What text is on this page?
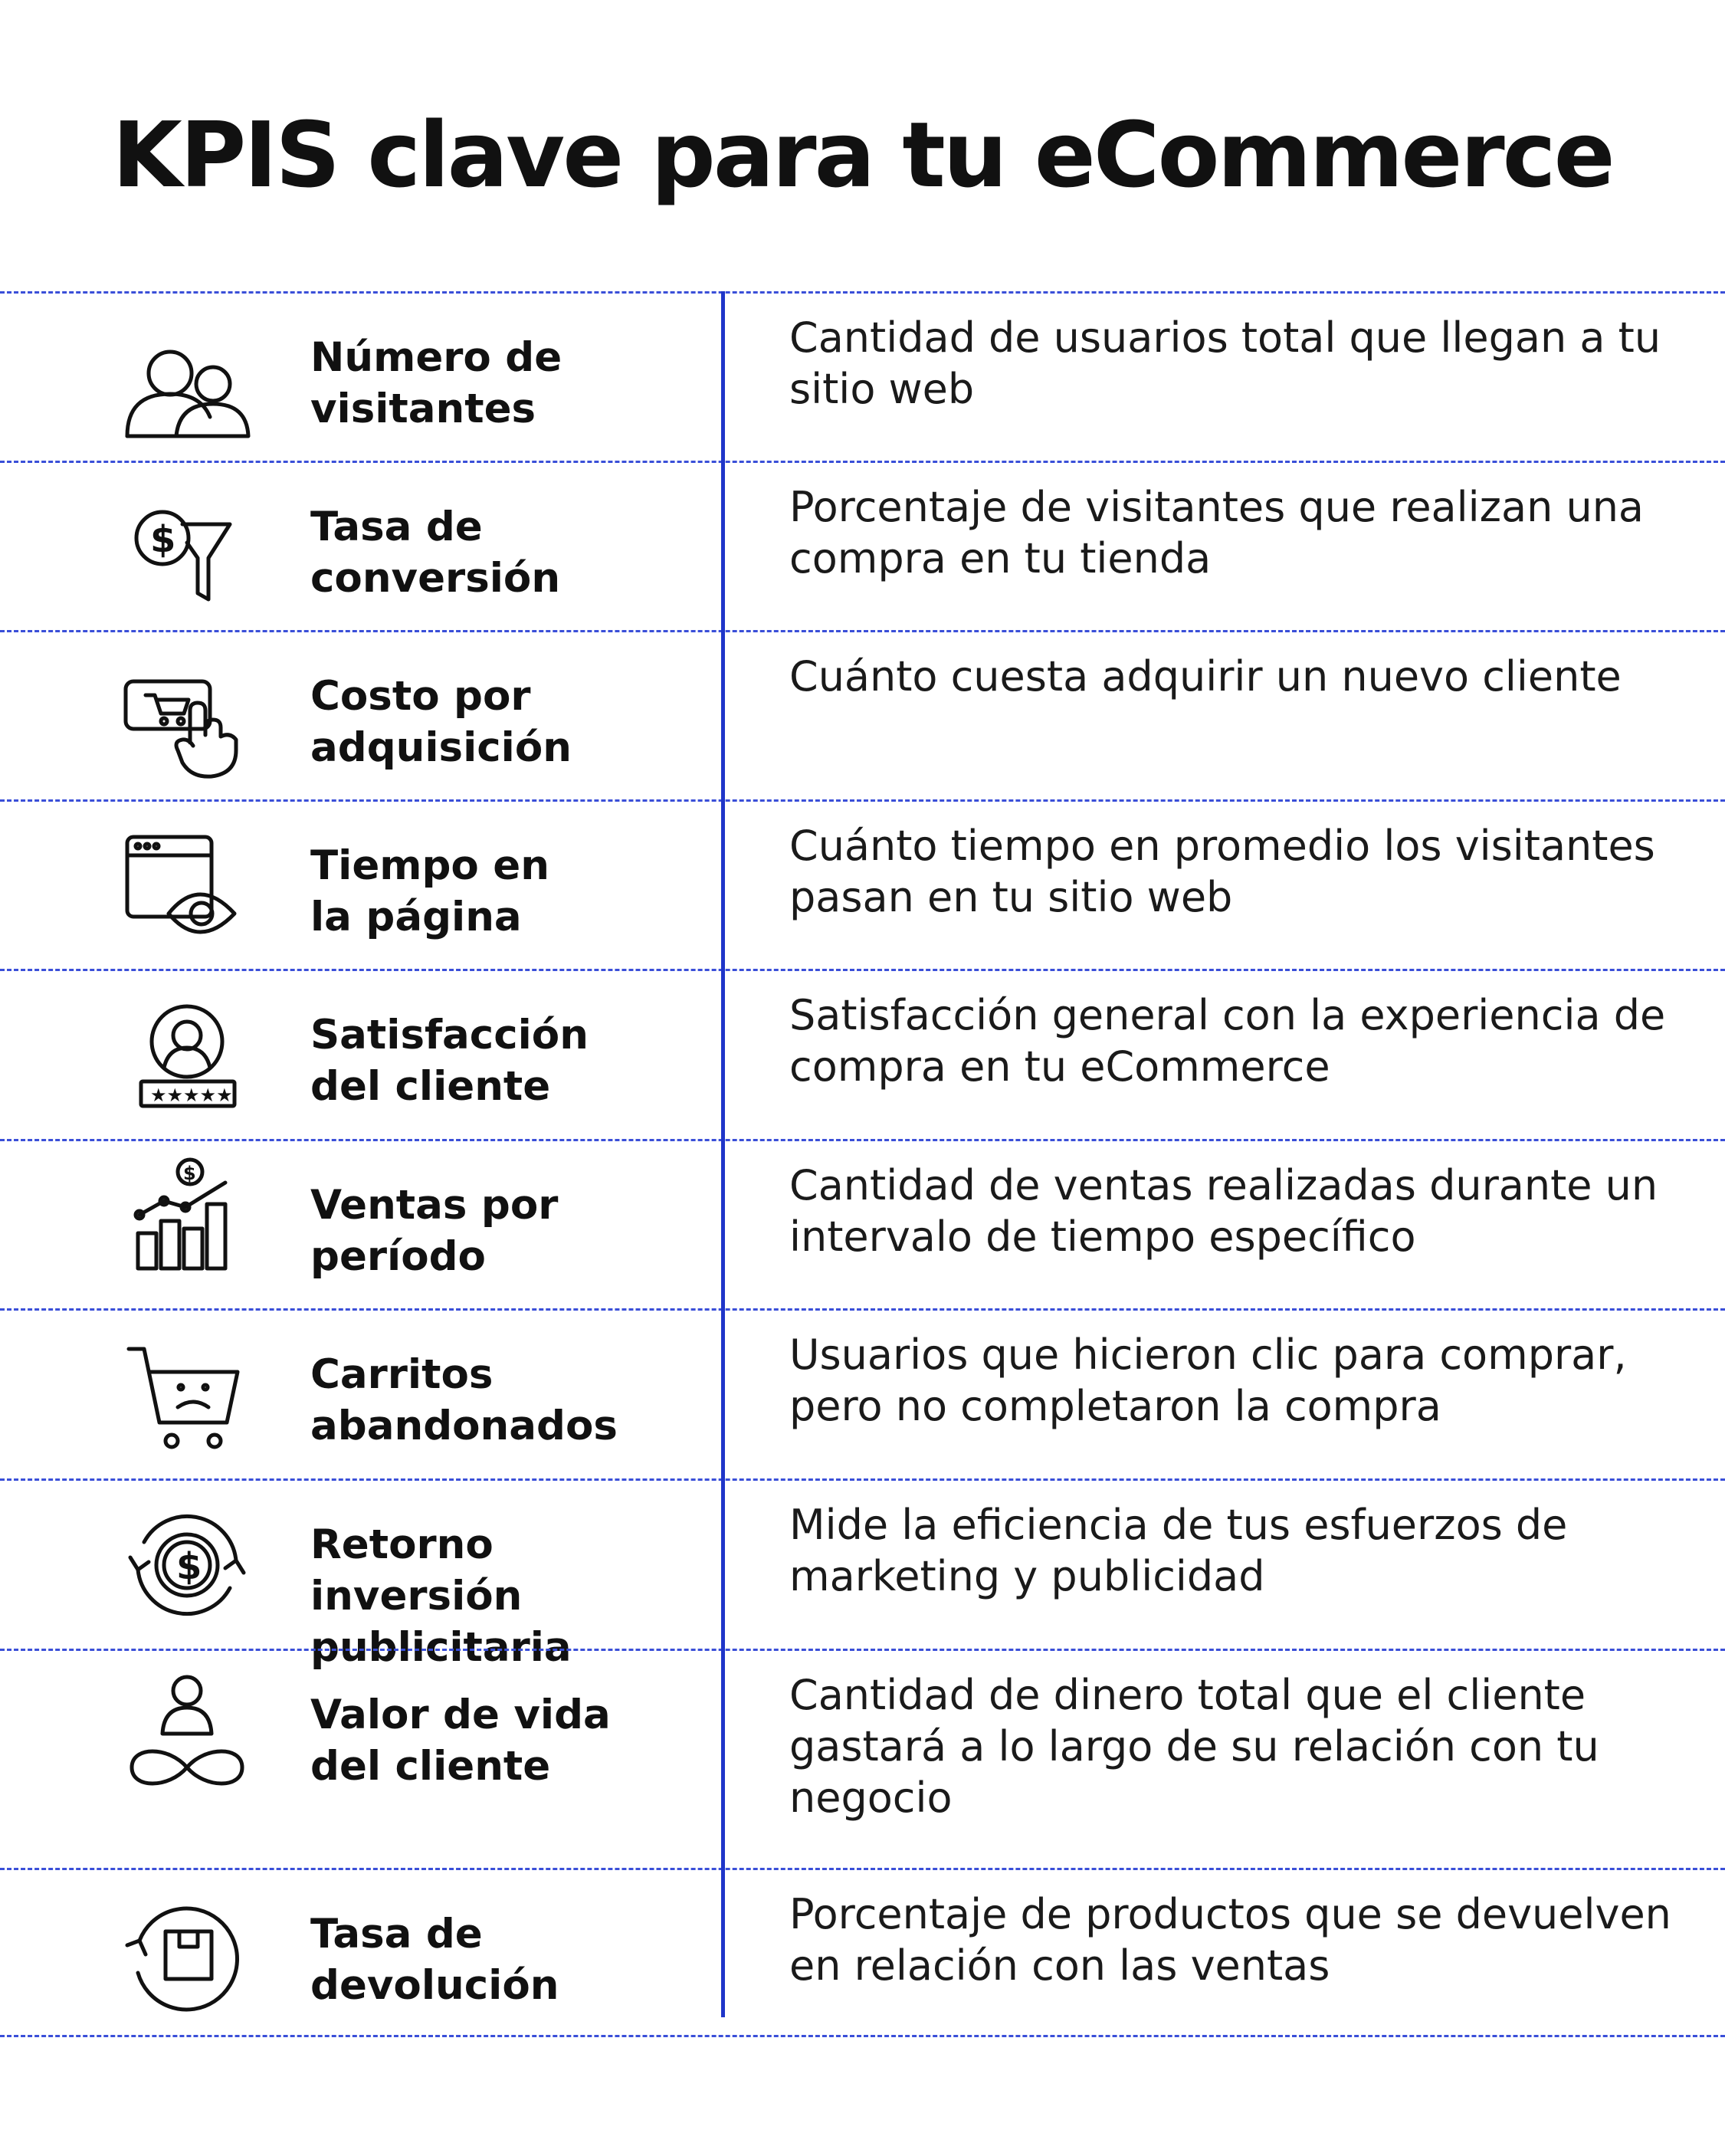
KPIS clave para tu eCommerce
Número de
visitantes
Cantidad de usuarios total que llegan a tu sitio web
$	Tasa de
conversión
Porcentaje de visitantes que realizan una compra en tu tienda
Costo por
adquisición
Cuánto cuesta adquirir un nuevo cliente
Tiempo en
la página
Cuánto tiempo en promedio los visitantes pasan en tu sitio web
★★★★★
Satisfacción
del cliente
Satisfacción general con la experiencia de compra en tu eCommerce
$
Ventas por
período
Cantidad de ventas realizadas durante un intervalo de tiempo específico
Carritos
abandonados
Usuarios que hicieron clic para comprar, pero no completaron la compra
$	Retorno inversión
publicitaria
Mide la eficiencia de tus esfuerzos de marketing y publicidad
Valor de vida
del cliente
Cantidad de dinero total que el cliente gastará a lo largo de su relación con tu negocio
Tasa de
devolución
Porcentaje de productos que se devuelven en relación con las ventas
